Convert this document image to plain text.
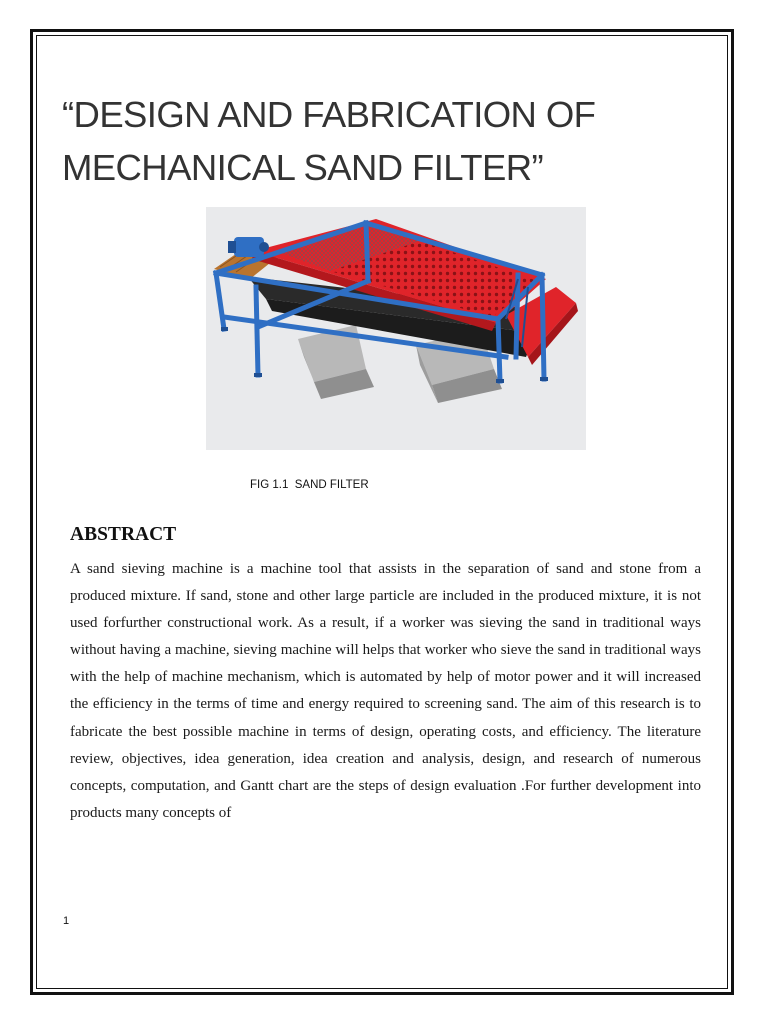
“DESIGN AND FABRICATION OF MECHANICAL SAND FILTER”
FIG 1.1  SAND FILTER
ABSTRACT

A sand sieving machine is a machine tool that assists in the separation of sand and stone from a produced mixture. If sand, stone and other large particle are included in the produced mixture, it is not used forfurther constructional work. As a result, if a worker was sieving the sand in traditional ways without having a machine, sieving machine will helps that worker who sieve the sand in traditional ways with the help of machine mechanism, which is automated by help of motor power and it will increased the efficiency in the terms of time and energy required to screening sand. The aim of this research is to fabricate the best possible machine in terms of design, operating costs, and efficiency. The literature review, objectives, idea generation, idea creation and analysis, design, and research of numerous concepts, computation, and Gantt chart are the steps of design evaluation .For further development into products many concepts of

1
